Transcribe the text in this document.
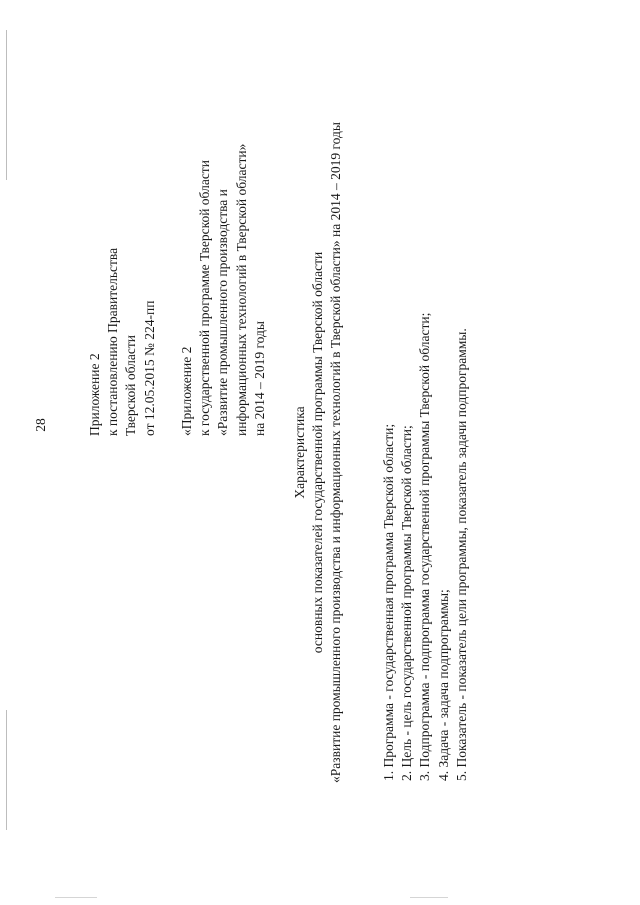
28	Приложение 2 к постановлению Правительства Тверской области от 12.05.2015 № 224-пп «Приложение 2 к государственной программе Тверской области «Развитие промышленного производства и информационных технологий в Тверской области» на 2014 – 2019 годы
Характеристика основных показателей государственной программы Тверской области «Развитие промышленного производства и информационных технологий в Тверской области» на 2014 – 2019 годы	1. Программа - государственная программа Тверской области; 2. Цель - цель государственной программы Тверской области; 3. Подпрограмма - подпрограмма государственной программы Тверской области; 4. Задача - задача подпрограммы; 5. Показатель - показатель цели программы, показатель задачи подпрограммы.
